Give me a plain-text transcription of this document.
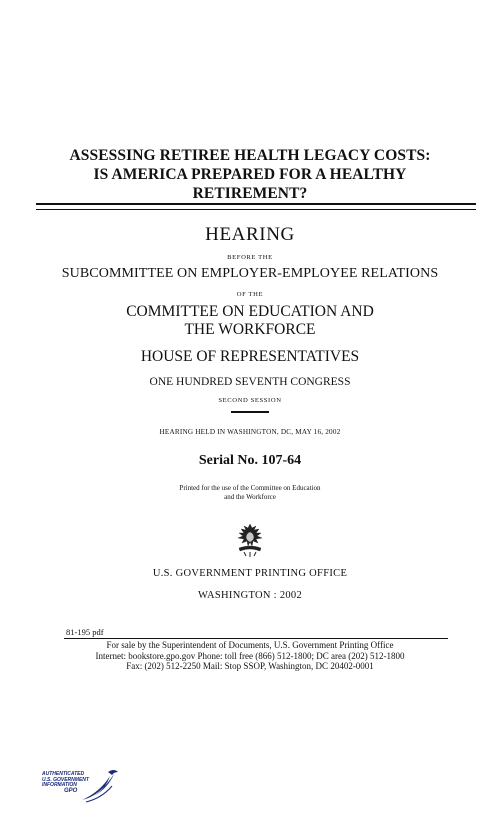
ASSESSING RETIREE HEALTH LEGACY COSTS:
IS AMERICA PREPARED FOR A HEALTHY
RETIREMENT?
HEARING
BEFORE THE
SUBCOMMITTEE ON EMPLOYER-EMPLOYEE RELATIONS
OF THE
COMMITTEE ON EDUCATION AND
THE WORKFORCE
HOUSE OF REPRESENTATIVES
ONE HUNDRED SEVENTH CONGRESS
SECOND SESSION
HEARING HELD IN WASHINGTON, DC, MAY 16, 2002
Serial No. 107-64
Printed for the use of the Committee on Education
and the Workforce
U.S. GOVERNMENT PRINTING OFFICE
WASHINGTON : 2002
81-195 pdf
For sale by the Superintendent of Documents, U.S. Government Printing Office
Internet: bookstore.gpo.gov Phone: toll free (866) 512-1800; DC area (202) 512-1800
Fax: (202) 512-2250 Mail: Stop SSOP, Washington, DC 20402-0001
AUTHENTICATED
U.S. GOVERNMENT
INFORMATION
GPO
